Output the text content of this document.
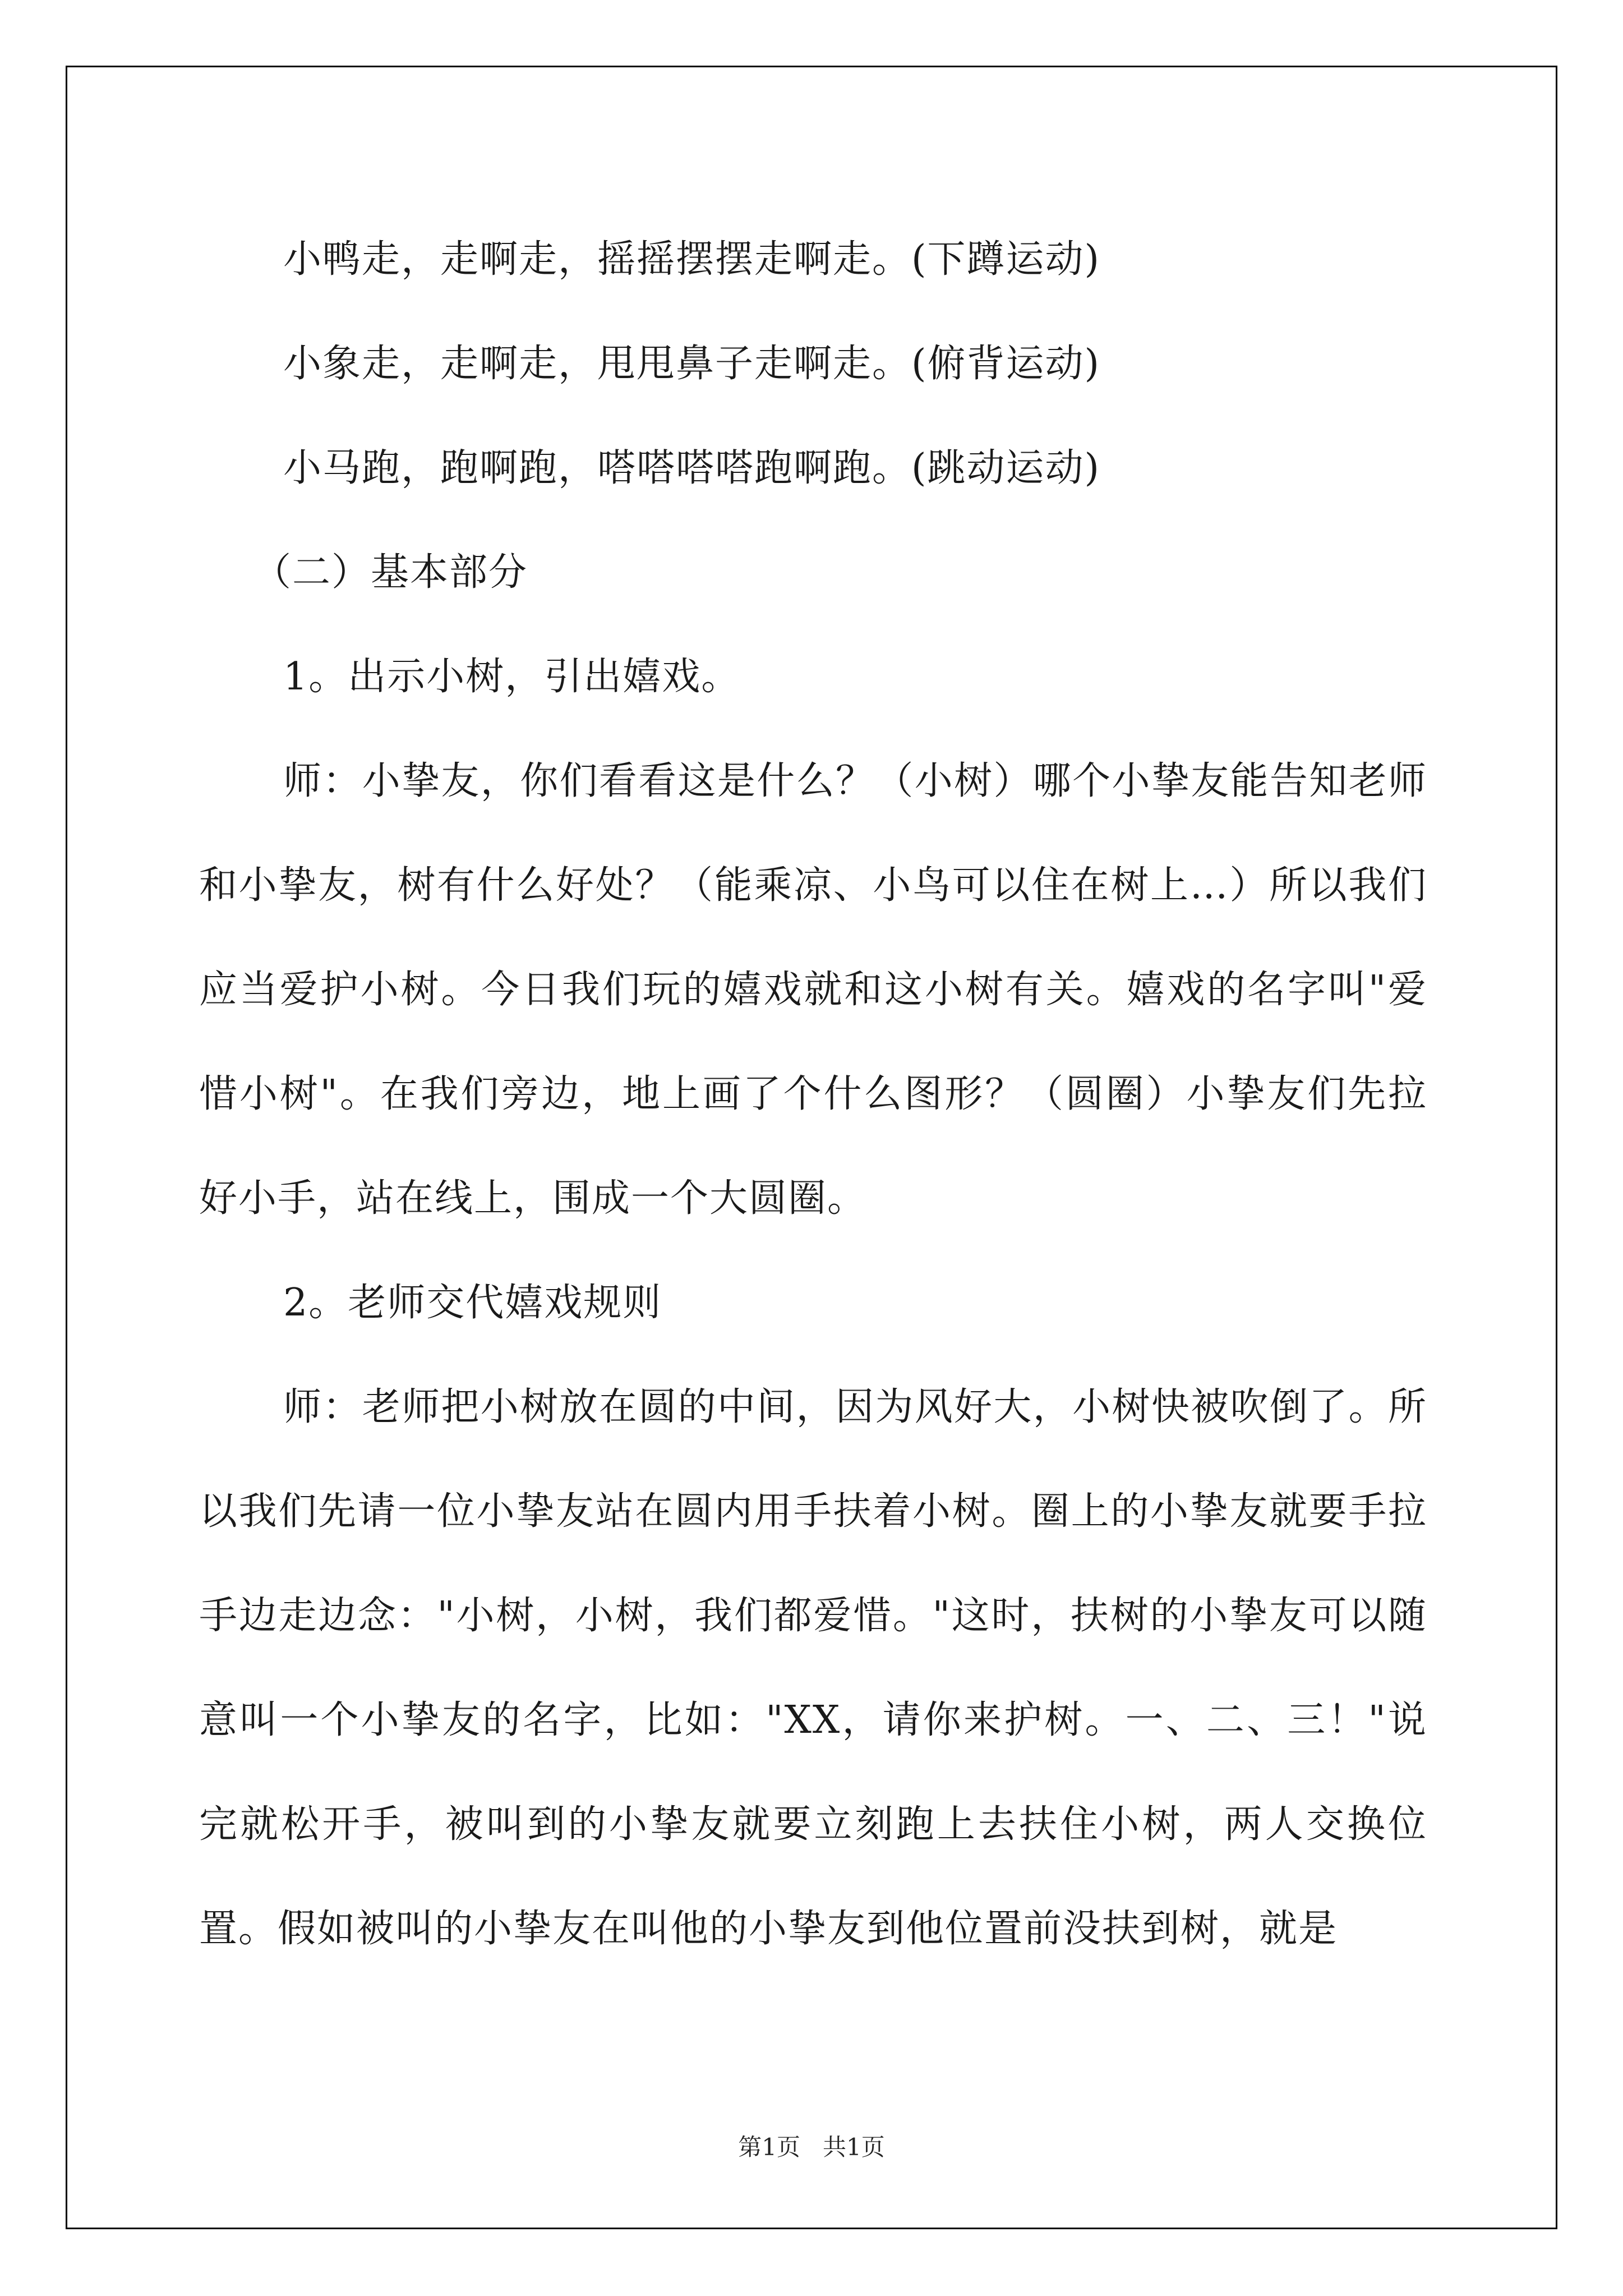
小鸭走，走啊走，摇摇摆摆走啊走。(下蹲运动)

小象走，走啊走，甩甩鼻子走啊走。(俯背运动)

小马跑，跑啊跑，嗒嗒嗒嗒跑啊跑。(跳动运动)

（二）基本部分

1。出示小树，引出嬉戏。

师：小挚友，你们看看这是什么？（小树）哪个小挚友能告知老师和小挚友，树有什么好处？（能乘凉、小鸟可以住在树上…）所以我们应当爱护小树。今日我们玩的嬉戏就和这小树有关。嬉戏的名字叫"爱惜小树"。在我们旁边，地上画了个什么图形？（圆圈）小挚友们先拉好小手，站在线上，围成一个大圆圈。

2。老师交代嬉戏规则

师：老师把小树放在圆的中间，因为风好大，小树快被吹倒了。所以我们先请一位小挚友站在圆内用手扶着小树。圈上的小挚友就要手拉手边走边念："小树，小树，我们都爱惜。"这时，扶树的小挚友可以随意叫一个小挚友的名字，比如："XX，请你来护树。一、二、三！"说完就松开手，被叫到的小挚友就要立刻跑上去扶住小树，两人交换位置。假如被叫的小挚友在叫他的小挚友到他位置前没扶到树，就是

第1页 共1页
